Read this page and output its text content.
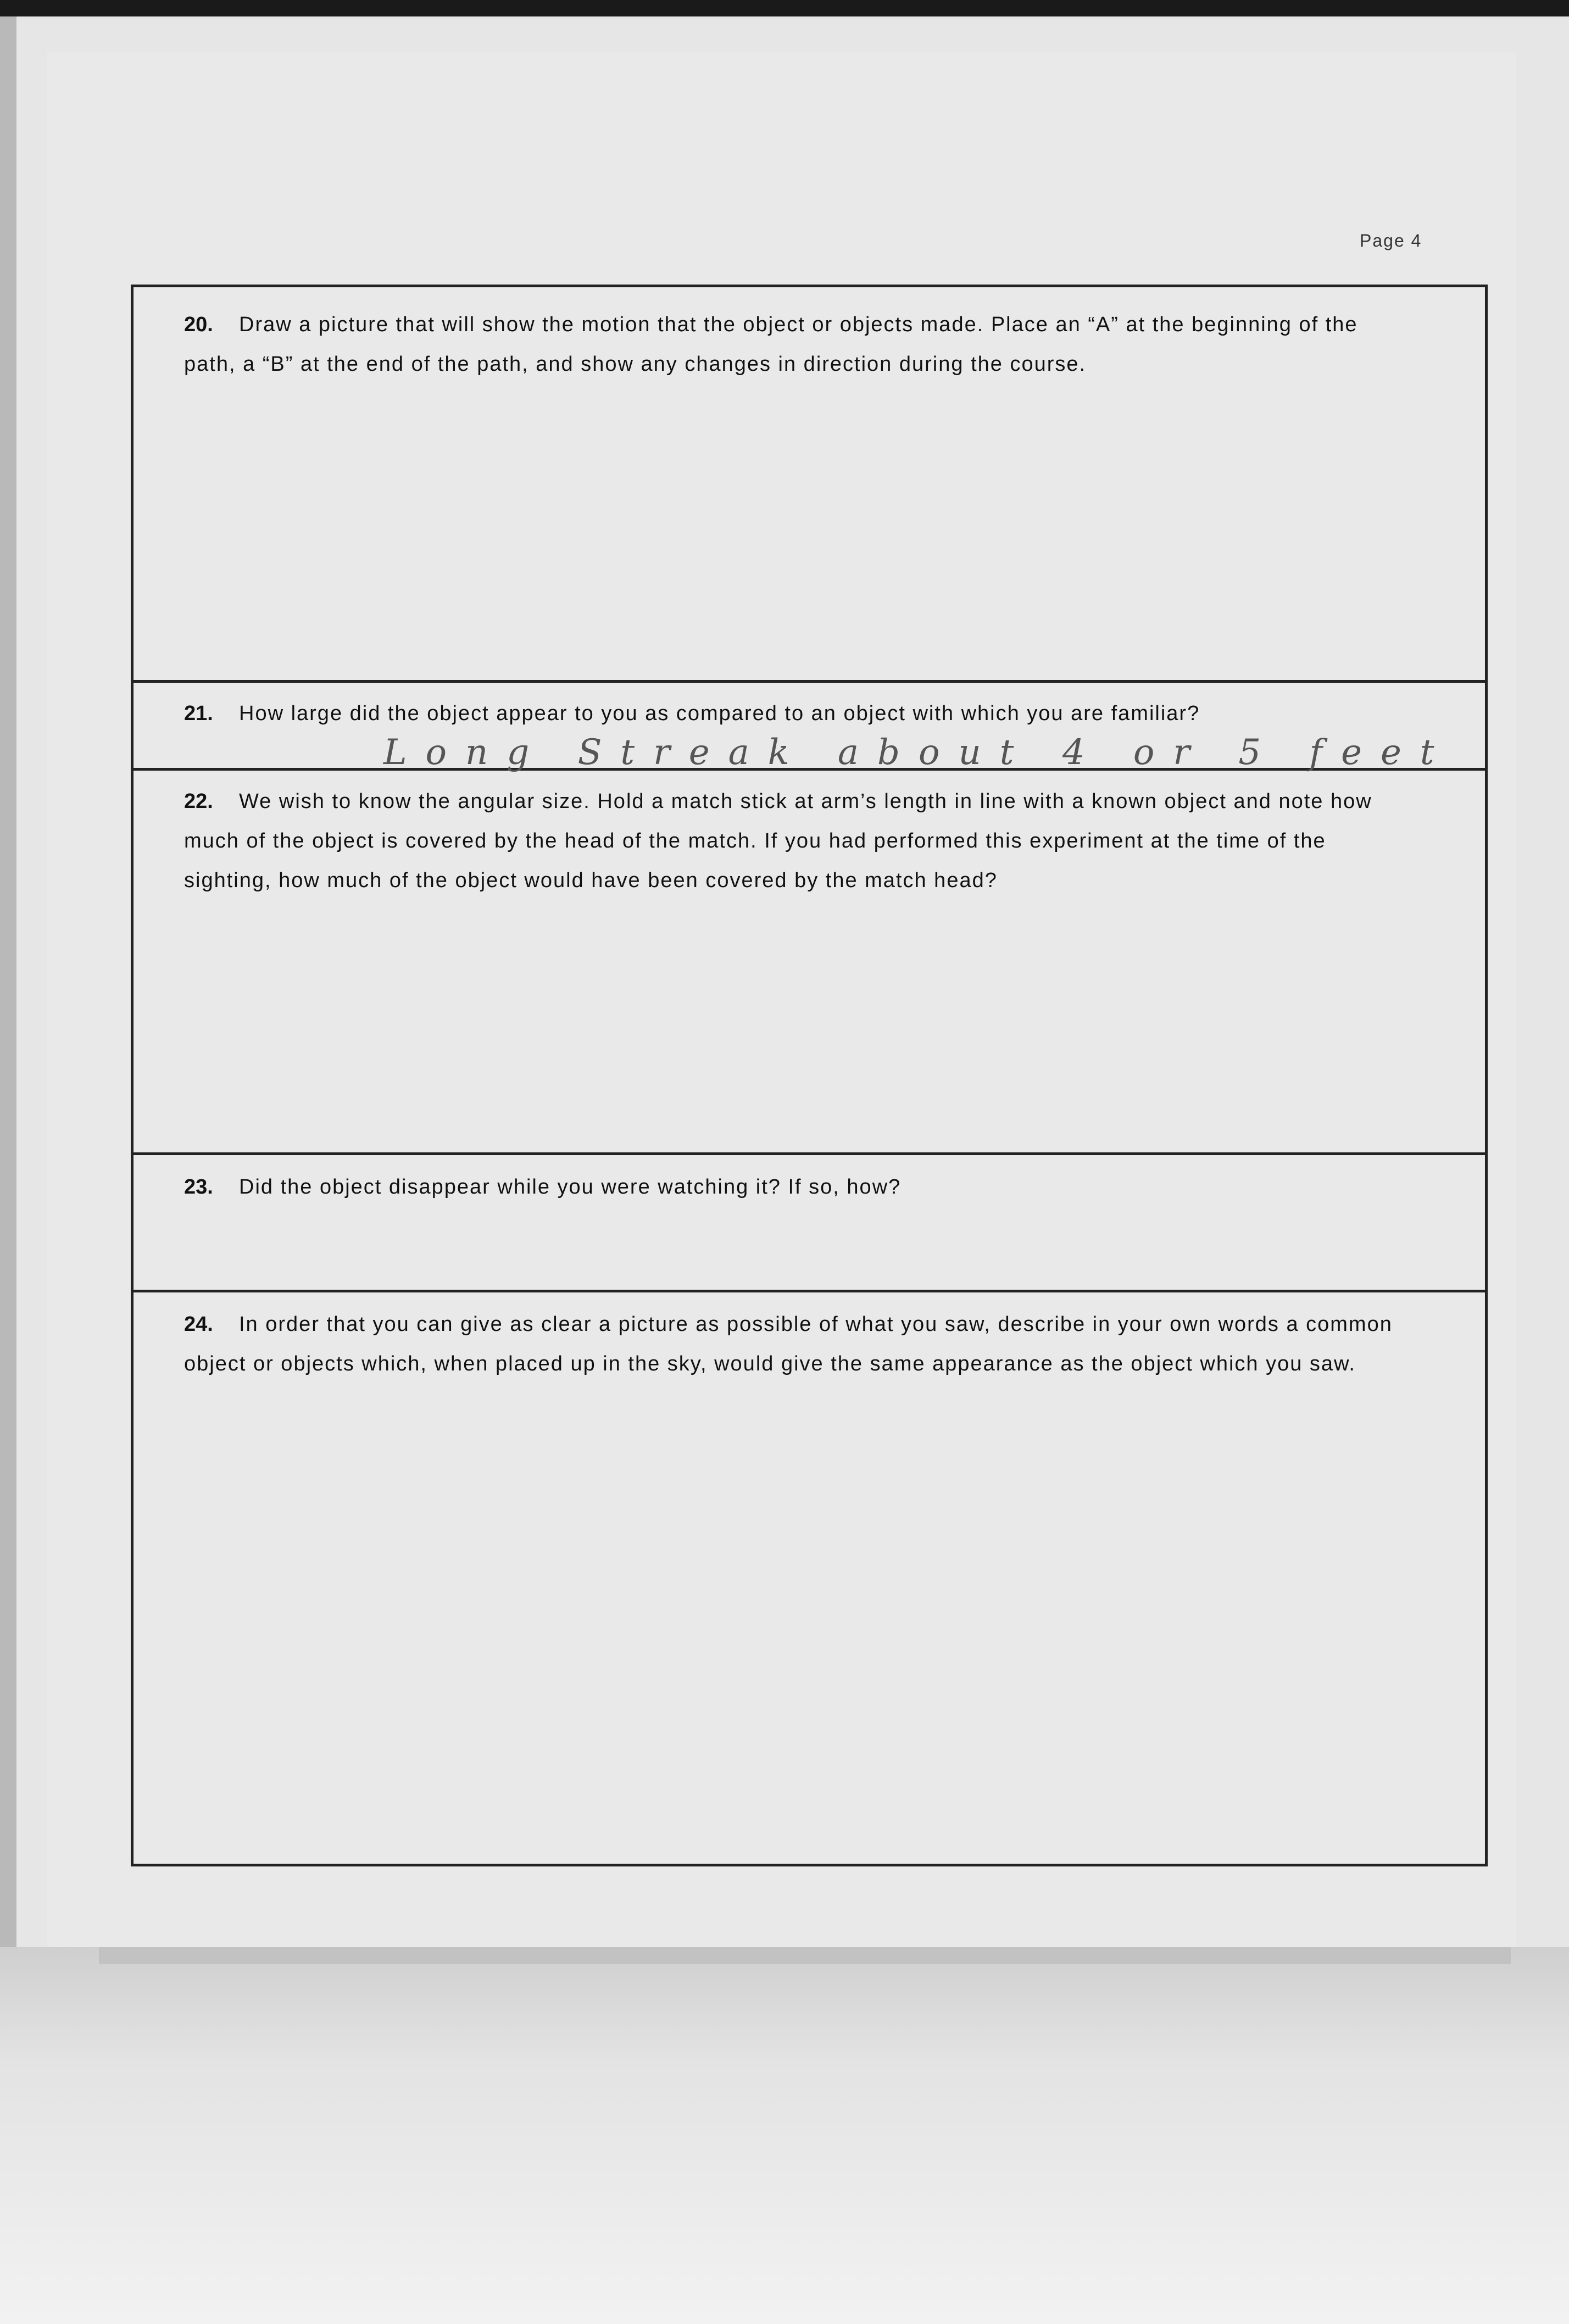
Page 4
20. Draw a picture that will show the motion that the object or objects made. Place an “A” at the beginning of the path, a “B” at the end of the path, and show any changes in direction during the course.
21. How large did the object appear to you as compared to an object with which you are familiar?
Long Streak about 4 or 5 feet
22. We wish to know the angular size. Hold a match stick at arm’s length in line with a known object and note how much of the object is covered by the head of the match. If you had performed this experiment at the time of the sighting, how much of the object would have been covered by the match head?
23. Did the object disappear while you were watching it? If so, how?
24. In order that you can give as clear a picture as possible of what you saw, describe in your own words a common object or objects which, when placed up in the sky, would give the same appearance as the object which you saw.
